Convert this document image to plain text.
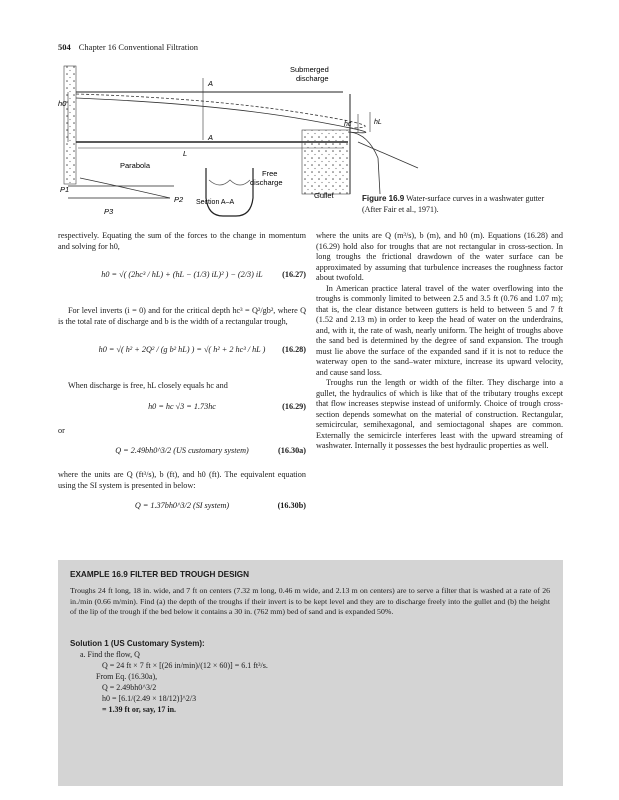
504 Chapter 16 Conventional Filtration
Submerged
discharge
A
A
h0
hc	hL
L
Parabola
Free
discharge
P1
P2
P3
Section A–A
Gullet	Figure 16.9 Water-surface curves in a washwater gutter (After Fair et al., 1971).

respectively. Equating the sum of the forces to the change in momentum and solving for h0,

h0 = √( (2hc³ / hL) + (hL − (1/3) iL)² ) − (2/3) iL	(16.27)

For level inverts (i = 0) and for the critical depth hc³ = Q²/gb², where Q is the total rate of discharge and b is the width of a rectangular trough,

h0 = √( h² + 2Q² / (g b² hL) ) = √( h² + 2 hc³ / hL )	(16.28)

When discharge is free, hL closely equals hc and

h0 = hc √3 = 1.73hc	(16.29)

or

Q = 2.49bh0^3/2 (US customary system)	(16.30a)

where the units are Q (ft³/s), b (ft), and h0 (ft). The equivalent equation using the SI system is presented in below:

Q = 1.37bh0^3/2 (SI system)	(16.30b)

where the units are Q (m³/s), b (m), and h0 (m). Equations (16.28) and (16.29) hold also for troughs that are not rectangular in cross-section. In long troughs the frictional drawdown of the water surface can be approximated by assuming that turbulence increases the roughness factor about twofold.

In American practice lateral travel of the water overflowing into the troughs is commonly limited to between 2.5 and 3.5 ft (0.76 and 1.07 m); that is, the clear distance between gutters is held to between 5 and 7 ft (1.52 and 2.13 m) in order to keep the head of water on the underdrains, and, with it, the rate of wash, nearly uniform. The height of troughs above the sand bed is determined by the degree of sand expansion. The trough must lie above the surface of the expanded sand if it is not to reduce the waterway open to the sand–water mixture, increase its upward velocity, and cause sand loss.

Troughs run the length or width of the filter. They discharge into a gullet, the hydraulics of which is like that of the tributary troughs except that flow increases stepwise instead of uniformly. Choice of trough cross-section depends somewhat on the material of construction. Rectangular, semicircular, semihexagonal, and semioctagonal shapes are common. Externally the semicircle interferes least with the upward streaming of washwater. Internally it possesses the best hydraulic properties as well.

EXAMPLE 16.9 FILTER BED TROUGH DESIGN
Troughs 24 ft long, 18 in. wide, and 7 ft on centers (7.32 m long, 0.46 m wide, and 2.13 m on centers) are to serve a filter that is washed at a rate of 26 in./min (0.66 m/min). Find (a) the depth of the troughs if their invert is to be kept level and they are to discharge freely into the gullet and (b) the height of the lip of the trough if the bed below it contains a 30 in. (762 mm) bed of sand and is expanded 50%.
Solution 1 (US Customary System):
a. Find the flow, Q
Q = 24 ft × 7 ft × [(26 in/min)/(12 × 60)] = 6.1 ft³/s.
From Eq. (16.30a),
Q = 2.49bh0^3/2
h0 = [6.1/(2.49 × 18/12)]^2/3
= 1.39 ft or, say, 17 in.
